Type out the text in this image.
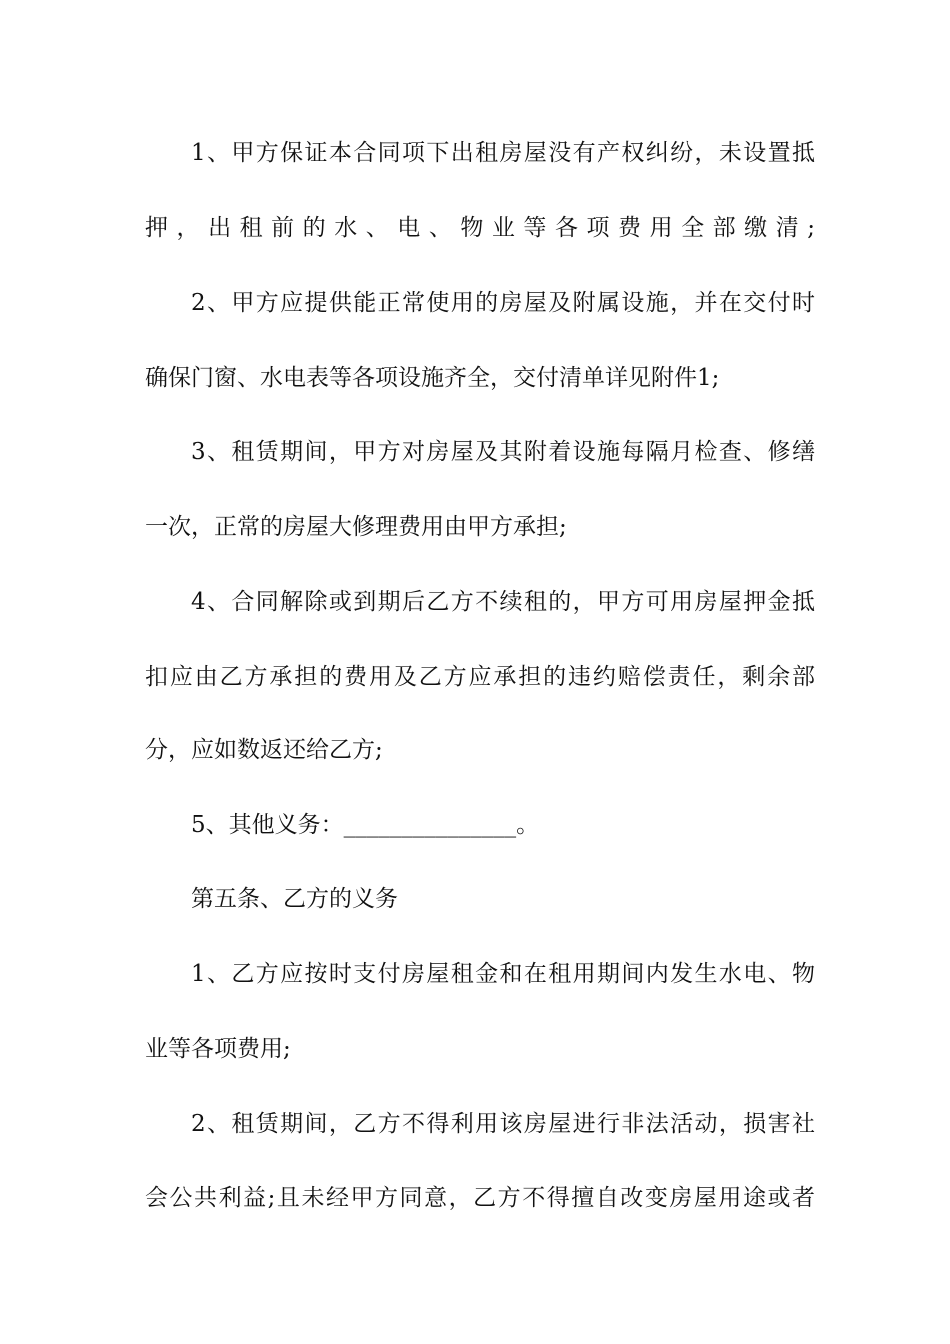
1、甲方保证本合同项下出租房屋没有产权纠纷，未设置抵
押，出租前的水、电、物业等各项费用全部缴清;
2、甲方应提供能正常使用的房屋及附属设施，并在交付时
确保门窗、水电表等各项设施齐全，交付清单详见附件1;
3、租赁期间，甲方对房屋及其附着设施每隔月检查、修缮
一次，正常的房屋大修理费用由甲方承担;
4、合同解除或到期后乙方不续租的，甲方可用房屋押金抵
扣应由乙方承担的费用及乙方应承担的违约赔偿责任，剩余部
分，应如数返还给乙方;
5、其他义务：_______________。
第五条、乙方的义务
1、乙方应按时支付房屋租金和在租用期间内发生水电、物
业等各项费用;
2、租赁期间，乙方不得利用该房屋进行非法活动，损害社
会公共利益;且未经甲方同意，乙方不得擅自改变房屋用途或者
